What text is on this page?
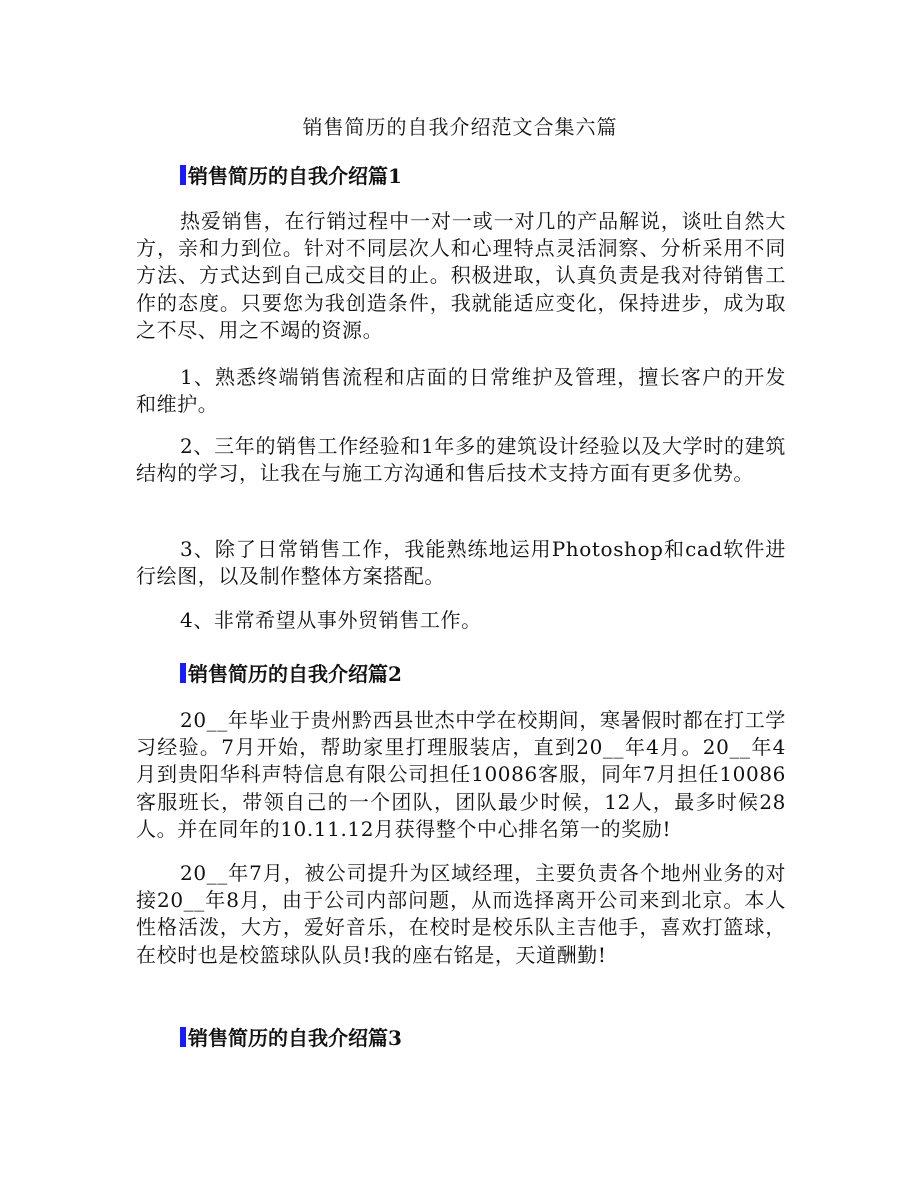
销售简历的自我介绍范文合集六篇
销售简历的自我介绍篇1
热爱销售，在行销过程中一对一或一对几的产品解说，谈吐自然大方，亲和力到位。针对不同层次人和心理特点灵活洞察、分析采用不同方法、方式达到自己成交目的止。积极进取，认真负责是我对待销售工作的态度。只要您为我创造条件，我就能适应变化，保持进步，成为取之不尽、用之不竭的资源。
1、熟悉终端销售流程和店面的日常维护及管理，擅长客户的开发和维护。
2、三年的销售工作经验和1年多的建筑设计经验以及大学时的建筑结构的学习，让我在与施工方沟通和售后技术支持方面有更多优势。
3、除了日常销售工作，我能熟练地运用Photoshop和cad软件进行绘图，以及制作整体方案搭配。
4、非常希望从事外贸销售工作。
销售简历的自我介绍篇2
20__年毕业于贵州黔西县世杰中学在校期间，寒暑假时都在打工学习经验。7月开始，帮助家里打理服装店，直到20__年4月。20__年4月到贵阳华科声特信息有限公司担任10086客服，同年7月担任10086客服班长，带领自己的一个团队，团队最少时候，12人，最多时候28人。并在同年的10.11.12月获得整个中心排名第一的奖励!
20__年7月，被公司提升为区域经理，主要负责各个地州业务的对接20__年8月，由于公司内部问题，从而选择离开公司来到北京。本人性格活泼，大方，爱好音乐，在校时是校乐队主吉他手，喜欢打篮球，在校时也是校篮球队队员!我的座右铭是，天道酬勤!
销售简历的自我介绍篇3
